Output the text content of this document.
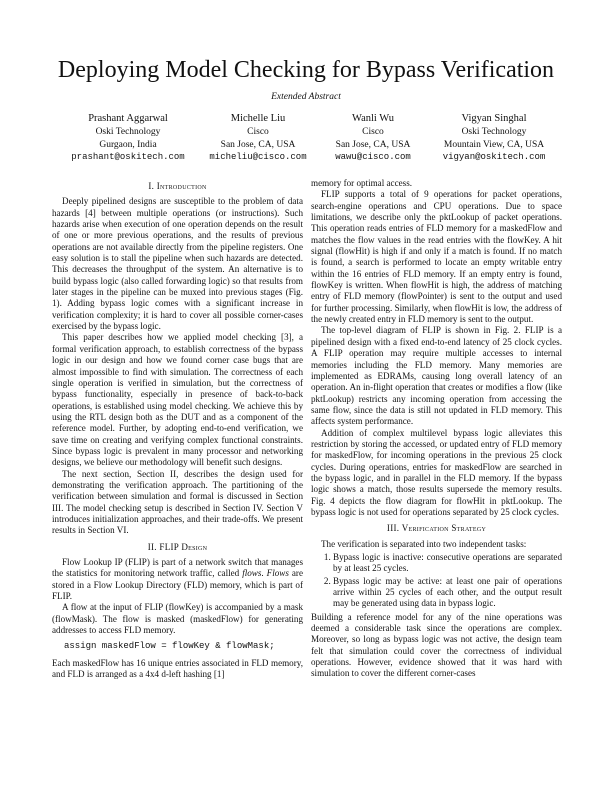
Deploying Model Checking for Bypass Verification
Extended Abstract
Prashant Aggarwal
Oski Technology
Gurgaon, India
prashant@oskitech.com
Michelle Liu
Cisco
San Jose, CA, USA
micheliu@cisco.com
Wanli Wu
Cisco
San Jose, CA, USA
wawu@cisco.com
Vigyan Singhal
Oski Technology
Mountain View, CA, USA
vigyan@oskitech.com
I. Introduction

Deeply pipelined designs are susceptible to the problem of data hazards [4] between multiple operations (or instructions). Such hazards arise when execution of one operation depends on the result of one or more previous operations, and the results of previous operations are not available directly from the pipeline registers. One easy solution is to stall the pipeline when such hazards are detected. This decreases the throughput of the system. An alternative is to build bypass logic (also called forwarding logic) so that results from later stages in the pipeline can be muxed into previous stages (Fig. 1). Adding bypass logic comes with a significant increase in verification complexity; it is hard to cover all possible corner-cases exercised by the bypass logic.

This paper describes how we applied model checking [3], a formal verification approach, to establish correctness of the bypass logic in our design and how we found corner case bugs that are almost impossible to find with simulation. The correctness of each single operation is verified in simulation, but the correctness of bypass functionality, especially in presence of back-to-back operations, is established using model checking. We achieve this by using the RTL design both as the DUT and as a component of the reference model. Further, by adopting end-to-end verification, we save time on creating and verifying complex functional constraints. Since bypass logic is prevalent in many processor and networking designs, we believe our methodology will benefit such designs.

The next section, Section II, describes the design used for demonstrating the verification approach. The partitioning of the verification between simulation and formal is discussed in Section III. The model checking setup is described in Section IV. Section V introduces initialization approaches, and their trade-offs. We present results in Section VI.

II. FLIP Design

Flow Lookup IP (FLIP) is part of a network switch that manages the statistics for monitoring network traffic, called flows. Flows are stored in a Flow Lookup Directory (FLD) memory, which is part of FLIP.

A flow at the input of FLIP (flowKey) is accompanied by a mask (flowMask). The flow is masked (maskedFlow) for generating addresses to access FLD memory.

assign maskedFlow = flowKey & flowMask;

Each maskedFlow has 16 unique entries associated in FLD memory, and FLD is arranged as a 4x4 d-left hashing [1]

memory for optimal access.

FLIP supports a total of 9 operations for packet operations, search-engine operations and CPU operations. Due to space limitations, we describe only the pktLookup of packet operations. This operation reads entries of FLD memory for a maskedFlow and matches the flow values in the read entries with the flowKey. A hit signal (flowHit) is high if and only if a match is found. If no match is found, a search is performed to locate an empty writable entry within the 16 entries of FLD memory. If an empty entry is found, flowKey is written. When flowHit is high, the address of matching entry of FLD memory (flowPointer) is sent to the output and used for further processing. Similarly, when flowHit is low, the address of the newly created entry in FLD memory is sent to the output.

The top-level diagram of FLIP is shown in Fig. 2. FLIP is a pipelined design with a fixed end-to-end latency of 25 clock cycles. A FLIP operation may require multiple accesses to internal memories including the FLD memory. Many memories are implemented as EDRAMs, causing long overall latency of an operation. An in-flight operation that creates or modifies a flow (like pktLookup) restricts any incoming operation from accessing the same flow, since the data is still not updated in FLD memory. This affects system performance.

Addition of complex multilevel bypass logic alleviates this restriction by storing the accessed, or updated entry of FLD memory for maskedFlow, for incoming operations in the previous 25 clock cycles. During operations, entries for maskedFlow are searched in the bypass logic, and in parallel in the FLD memory. If the bypass logic shows a match, those results supersede the memory results. Fig. 4 depicts the flow diagram for flowHit in pktLookup. The bypass logic is not used for operations separated by 25 clock cycles.

III. Verification Strategy

The verification is separated into two independent tasks:

1. Bypass logic is inactive: consecutive operations are separated by at least 25 cycles.
2. Bypass logic may be active: at least one pair of operations arrive within 25 cycles of each other, and the output result may be generated using data in bypass logic.

Building a reference model for any of the nine operations was deemed a considerable task since the operations are complex. Moreover, so long as bypass logic was not active, the design team felt that simulation could cover the correctness of individual operations. However, evidence showed that it was hard with simulation to cover the different corner-cases
